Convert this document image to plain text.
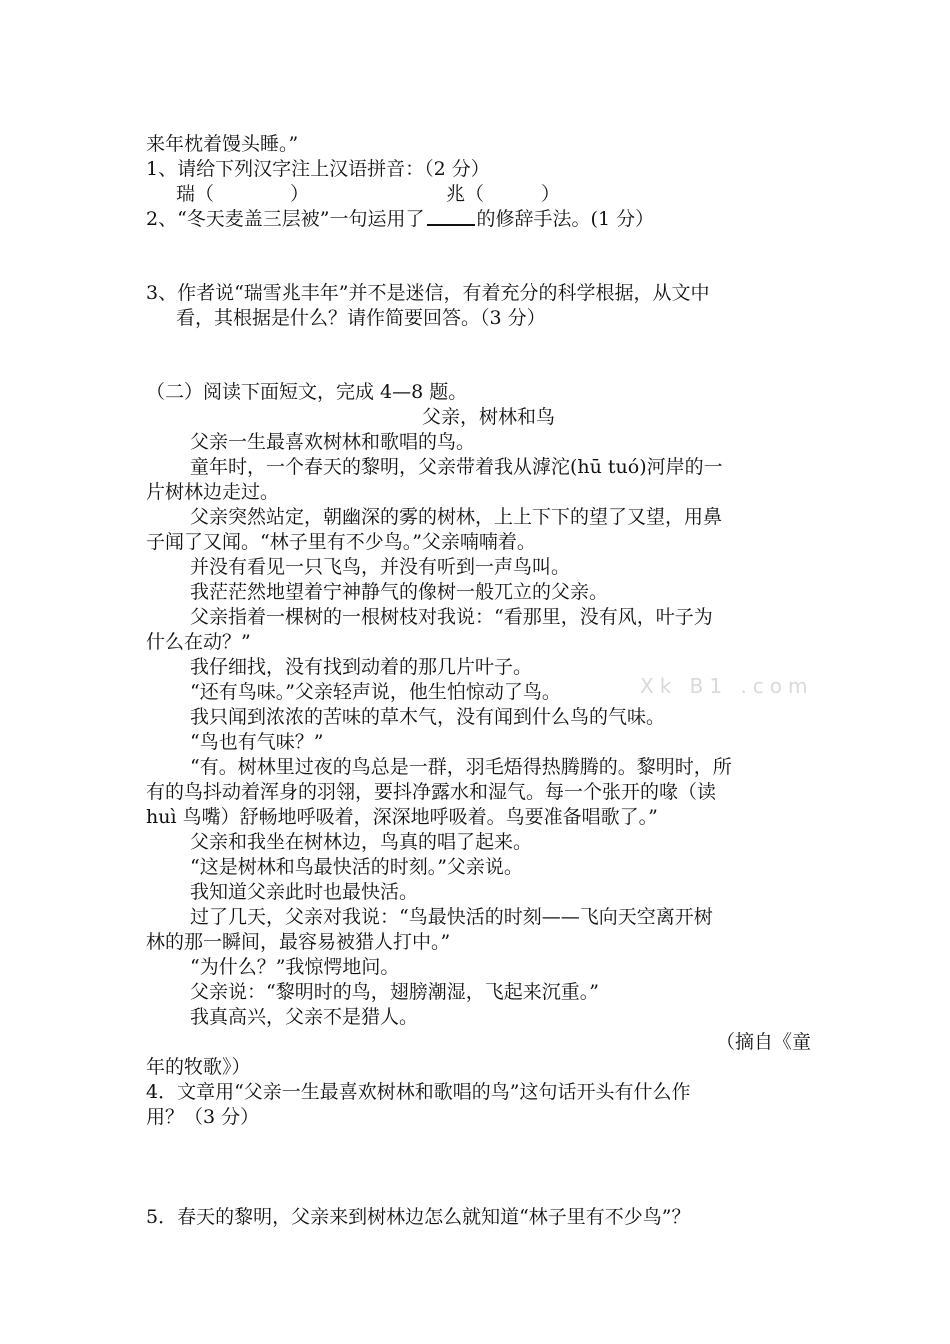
来年枕着馒头睡。”
1、请给下列汉字注上汉语拼音：（2 分）
瑞（　　　　）	兆（　　　）
2、“冬天麦盖三层被”一句运用了	的修辞手法。(1 分）
3、作者说“瑞雪兆丰年”并不是迷信，有着充分的科学根据，从文中
看，其根据是什么？请作简要回答。（3 分）
（二）阅读下面短文，完成 4—8 题。
父亲，树林和鸟
父亲一生最喜欢树林和歌唱的鸟。
童年时，一个春天的黎明，父亲带着我从滹沱(hū tuó)河岸的一
片树林边走过。
父亲突然站定，朝幽深的雾的树林，上上下下的望了又望，用鼻
子闻了又闻。“林子里有不少鸟。”父亲喃喃着。
并没有看见一只飞鸟，并没有听到一声鸟叫。
我茫茫然地望着宁神静气的像树一般兀立的父亲。
父亲指着一棵树的一根树枝对我说：“看那里，没有风，叶子为
什么在动？”
我仔细找，没有找到动着的那几片叶子。
“还有鸟味。”父亲轻声说，他生怕惊动了鸟。
我只闻到浓浓的苦味的草木气，没有闻到什么鸟的气味。
“鸟也有气味？”
“有。树林里过夜的鸟总是一群，羽毛焐得热腾腾的。黎明时，所
有的鸟抖动着浑身的羽翎，要抖净露水和湿气。每一个张开的喙（读
huì 鸟嘴）舒畅地呼吸着，深深地呼吸着。鸟要准备唱歌了。”
父亲和我坐在树林边，鸟真的唱了起来。
“这是树林和鸟最快活的时刻。”父亲说。
我知道父亲此时也最快活。
过了几天，父亲对我说：“鸟最快活的时刻——飞向天空离开树
林的那一瞬间，最容易被猎人打中。”
“为什么？”我惊愕地问。
父亲说：“黎明时的鸟，翅膀潮湿，飞起来沉重。”
我真高兴，父亲不是猎人。
（摘自《童
年的牧歌》）
4．文章用“父亲一生最喜欢树林和歌唱的鸟”这句话开头有什么作
用？（3 分）
5．春天的黎明，父亲来到树林边怎么就知道“林子里有不少鸟”？
Xk B1 .com
